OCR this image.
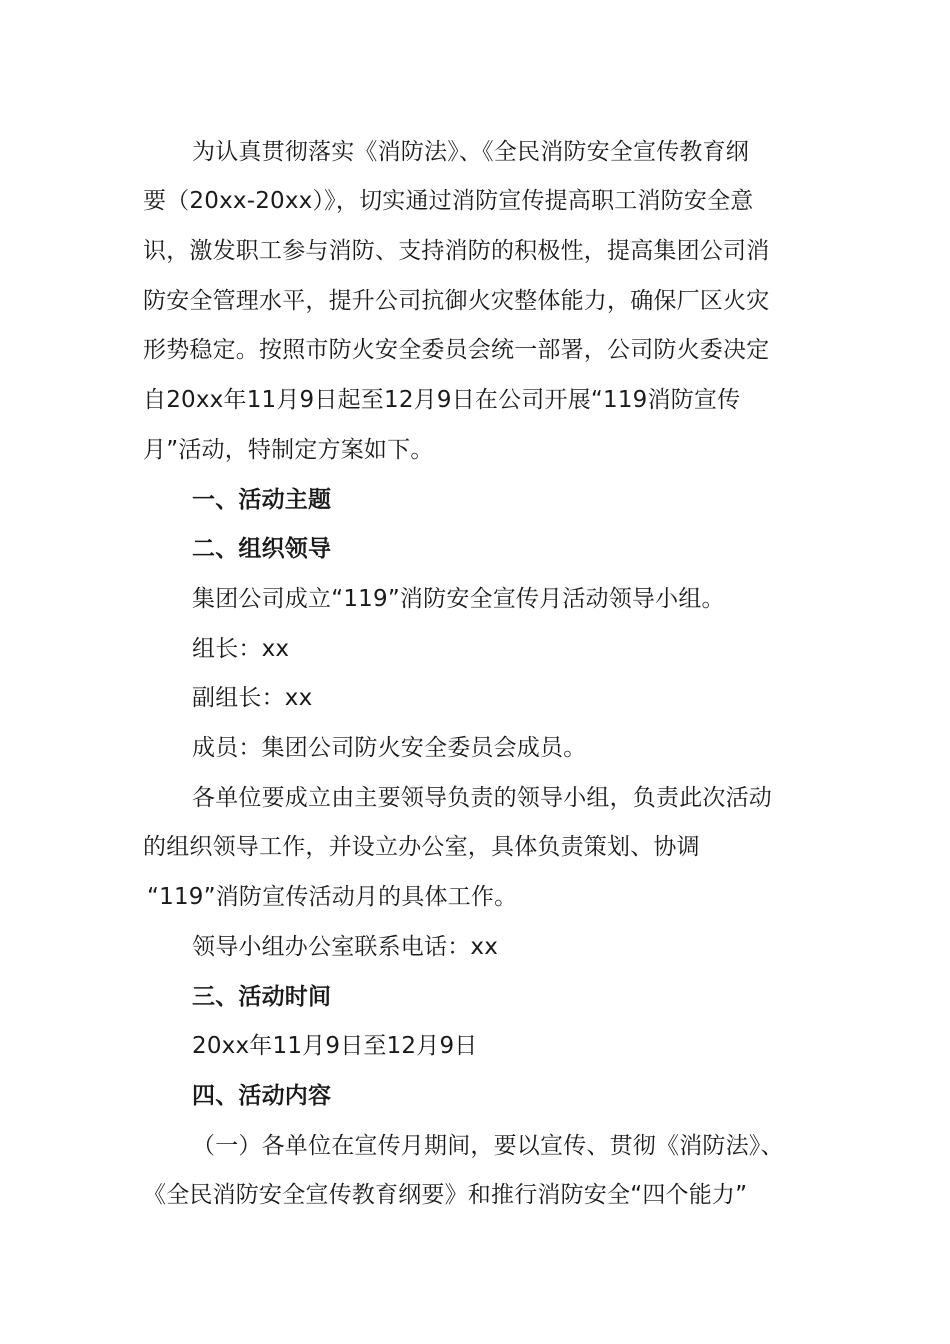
为认真贯彻落实《消防法》、《全民消防安全宣传教育纲
要（20xx-20xx）》，切实通过消防宣传提高职工消防安全意
识，激发职工参与消防、支持消防的积极性，提高集团公司消
防安全管理水平，提升公司抗御火灾整体能力，确保厂区火灾
形势稳定。按照市防火安全委员会统一部署，公司防火委决定
自20xx年11月9日起至12月9日在公司开展“119消防宣传
月”活动，特制定方案如下。
一、活动主题
二、组织领导
集团公司成立“119”消防安全宣传月活动领导小组。
组长：xx
副组长：xx
成员：集团公司防火安全委员会成员。
各单位要成立由主要领导负责的领导小组，负责此次活动
的组织领导工作，并设立办公室，具体负责策划、协调
“119”消防宣传活动月的具体工作。
领导小组办公室联系电话：xx
三、活动时间
20xx年11月9日至12月9日
四、活动内容
（一）各单位在宣传月期间，要以宣传、贯彻《消防法》、
《全民消防安全宣传教育纲要》和推行消防安全“四个能力”
